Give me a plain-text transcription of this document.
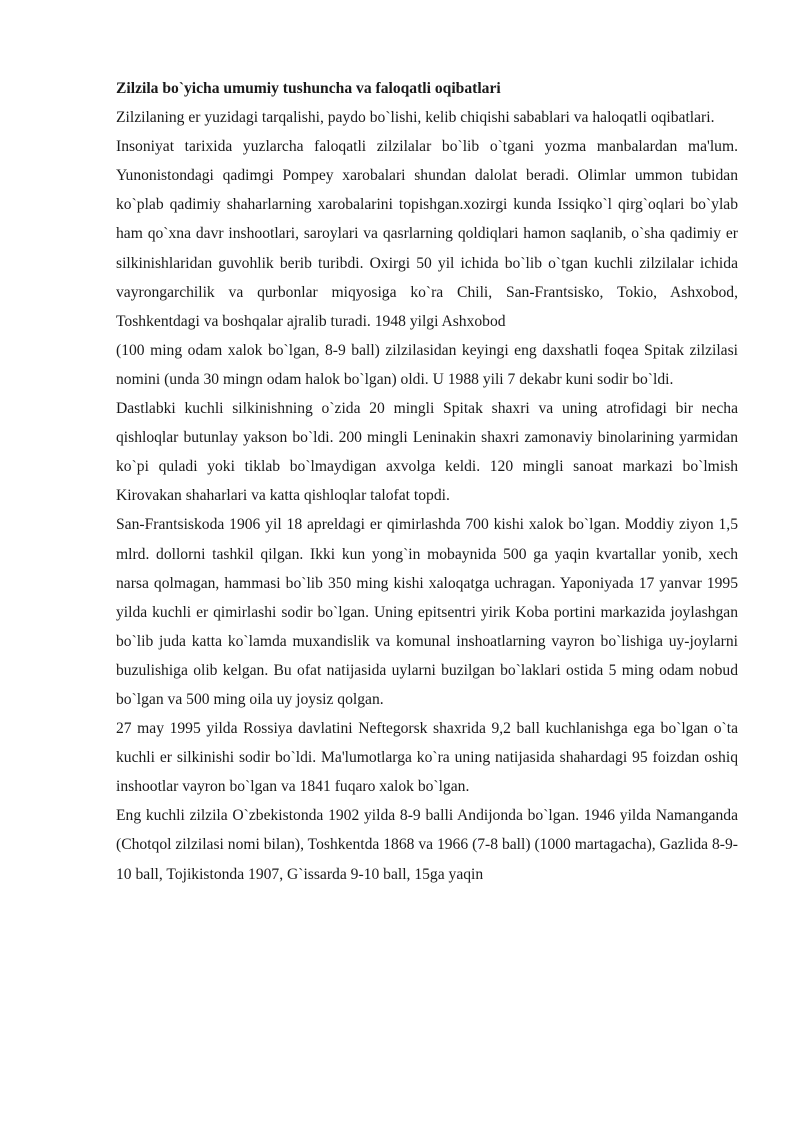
Zilzila bo`yicha umumiy tushuncha va faloqatli oqibatlari

Zilzilaning er yuzidagi tarqalishi, paydo bo`lishi, kelib chiqishi sabablari va haloqatli oqibatlari.

Insoniyat tarixida yuzlarcha faloqatli zilzilalar bo`lib o`tgani yozma manbalardan ma'lum. Yunonistondagi qadimgi Pompey xarobalari shundan dalolat beradi. Olimlar ummon tubidan ko`plab qadimiy shaharlarning xarobalarini topishgan.xozirgi kunda Issiqko`l qirg`oqlari bo`ylab ham qo`xna davr inshootlari, saroylari va qasrlarning qoldiqlari hamon saqlanib, o`sha qadimiy er silkinishlaridan guvohlik berib turibdi. Oxirgi 50 yil ichida bo`lib o`tgan kuchli zilzilalar ichida vayrongarchilik va qurbonlar miqyosiga ko`ra Chili, San-Frantsisko, Tokio, Ashxobod, Toshkentdagi va boshqalar ajralib turadi. 1948 yilgi Ashxobod

(100 ming odam xalok bo`lgan, 8-9 ball) zilzilasidan keyingi eng daxshatli foqea Spitak zilzilasi nomini (unda 30 mingn odam halok bo`lgan) oldi. U 1988 yili 7 dekabr kuni sodir bo`ldi.

Dastlabki kuchli silkinishning o`zida 20 mingli Spitak shaxri va uning atrofidagi bir necha qishloqlar butunlay yakson bo`ldi. 200 mingli Leninakin shaxri zamonaviy binolarining yarmidan ko`pi quladi yoki tiklab bo`lmaydigan axvolga keldi. 120 mingli sanoat markazi bo`lmish Kirovakan shaharlari va katta qishloqlar talofat topdi.

San-Frantsiskoda 1906 yil 18 apreldagi er qimirlashda 700 kishi xalok bo`lgan. Moddiy ziyon 1,5 mlrd. dollorni tashkil qilgan. Ikki kun yong`in mobaynida 500 ga yaqin kvartallar yonib, xech narsa qolmagan, hammasi bo`lib 350 ming kishi xaloqatga uchragan. Yaponiyada 17 yanvar 1995 yilda kuchli er qimirlashi sodir bo`lgan. Uning epitsentri yirik Koba portini markazida joylashgan bo`lib juda katta ko`lamda muxandislik va komunal inshoatlarning vayron bo`lishiga uy-joylarni buzulishiga olib kelgan. Bu ofat natijasida uylarni buzilgan bo`laklari ostida 5 ming odam nobud bo`lgan va 500 ming oila uy joysiz qolgan.

27 may 1995 yilda Rossiya davlatini Neftegorsk shaxrida 9,2 ball kuchlanishga ega bo`lgan o`ta kuchli er silkinishi sodir bo`ldi. Ma'lumotlarga ko`ra uning natijasida shahardagi 95 foizdan oshiq inshootlar vayron bo`lgan va 1841 fuqaro xalok bo`lgan.

Eng kuchli zilzila O`zbekistonda 1902 yilda 8-9 balli Andijonda bo`lgan. 1946 yilda Namanganda (Chotqol zilzilasi nomi bilan), Toshkentda 1868 va 1966 (7-8 ball) (1000 martagacha), Gazlida 8-9-10 ball, Tojikistonda 1907, G`issarda 9-10 ball, 15ga yaqin
